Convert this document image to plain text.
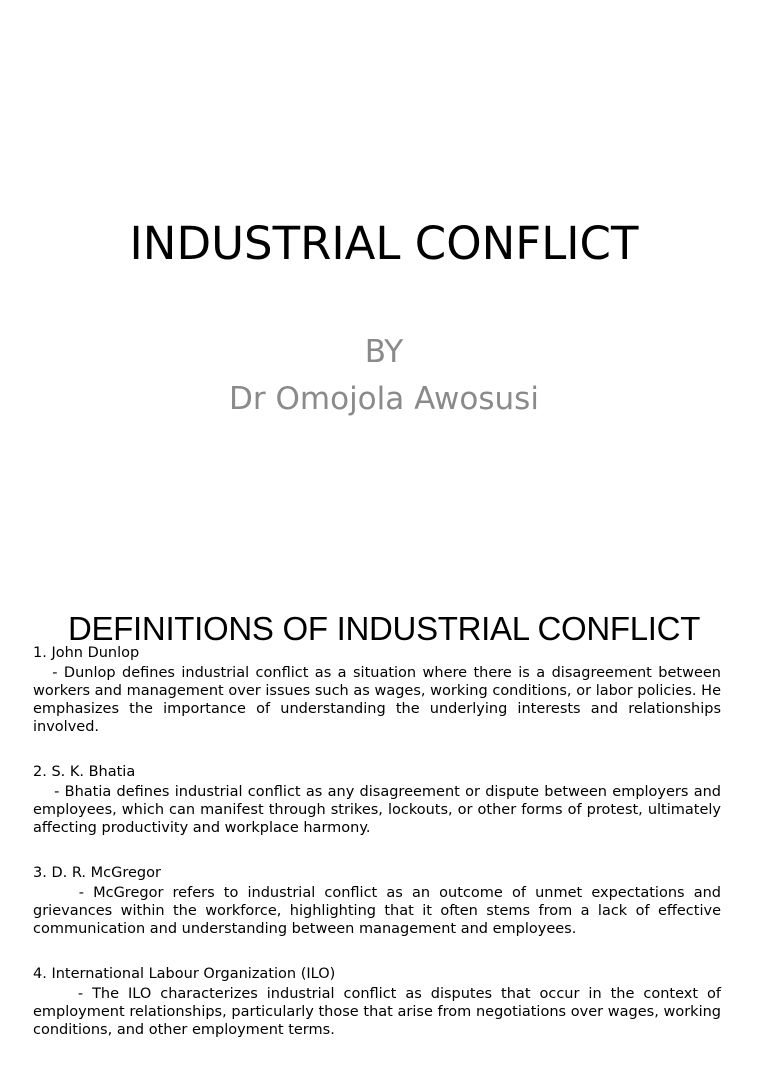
INDUSTRIAL CONFLICT
BY
Dr Omojola Awosusi
DEFINITIONS OF INDUSTRIAL CONFLICT

1. John Dunlop

- Dunlop defines industrial conflict as a situation where there is a disagreement between workers and management over issues such as wages, working conditions, or labor policies. He emphasizes the importance of understanding the underlying interests and relationships involved.

2. S. K. Bhatia

- Bhatia defines industrial conflict as any disagreement or dispute between employers and employees, which can manifest through strikes, lockouts, or other forms of protest, ultimately affecting productivity and workplace harmony.

3. D. R. McGregor

- McGregor refers to industrial conflict as an outcome of unmet expectations and grievances within the workforce, highlighting that it often stems from a lack of effective communication and understanding between management and employees.

4. International Labour Organization (ILO)

- The ILO characterizes industrial conflict as disputes that occur in the context of employment relationships, particularly those that arise from negotiations over wages, working conditions, and other employment terms.
